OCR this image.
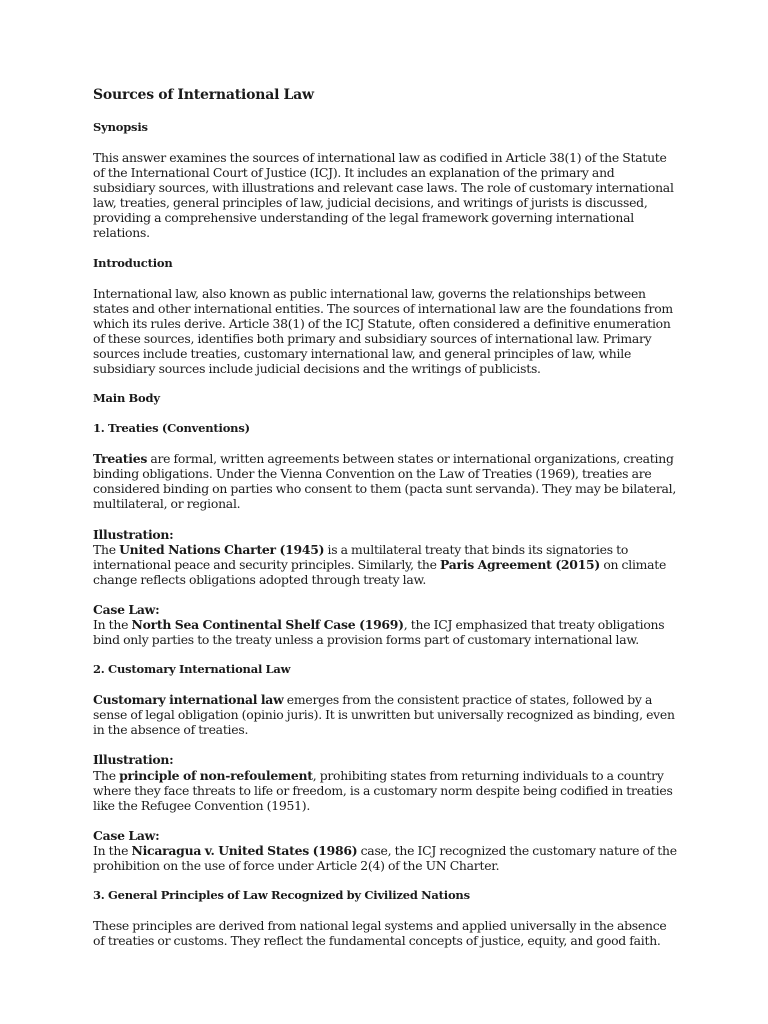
Sources of International Law
Synopsis

This answer examines the sources of international law as codified in Article 38(1) of the Statute of the International Court of Justice (ICJ). It includes an explanation of the primary and subsidiary sources, with illustrations and relevant case laws. The role of customary international law, treaties, general principles of law, judicial decisions, and writings of jurists is discussed, providing a comprehensive understanding of the legal framework governing international relations.

Introduction

International law, also known as public international law, governs the relationships between states and other international entities. The sources of international law are the foundations from which its rules derive. Article 38(1) of the ICJ Statute, often considered a definitive enumeration of these sources, identifies both primary and subsidiary sources of international law. Primary sources include treaties, customary international law, and general principles of law, while subsidiary sources include judicial decisions and the writings of publicists.

Main Body
1. Treaties (Conventions)

Treaties are formal, written agreements between states or international organizations, creating binding obligations. Under the Vienna Convention on the Law of Treaties (1969), treaties are considered binding on parties who consent to them (pacta sunt servanda). They may be bilateral, multilateral, or regional.

Illustration:
The United Nations Charter (1945) is a multilateral treaty that binds its signatories to international peace and security principles. Similarly, the Paris Agreement (2015) on climate change reflects obligations adopted through treaty law.
Case Law:
In the North Sea Continental Shelf Case (1969), the ICJ emphasized that treaty obligations bind only parties to the treaty unless a provision forms part of customary international law.
2. Customary International Law

Customary international law emerges from the consistent practice of states, followed by a sense of legal obligation (opinio juris). It is unwritten but universally recognized as binding, even in the absence of treaties.

Illustration:
The principle of non-refoulement, prohibiting states from returning individuals to a country where they face threats to life or freedom, is a customary norm despite being codified in treaties like the Refugee Convention (1951).
Case Law:
In the Nicaragua v. United States (1986) case, the ICJ recognized the customary nature of the prohibition on the use of force under Article 2(4) of the UN Charter.
3. General Principles of Law Recognized by Civilized Nations

These principles are derived from national legal systems and applied universally in the absence of treaties or customs. They reflect the fundamental concepts of justice, equity, and good faith.
